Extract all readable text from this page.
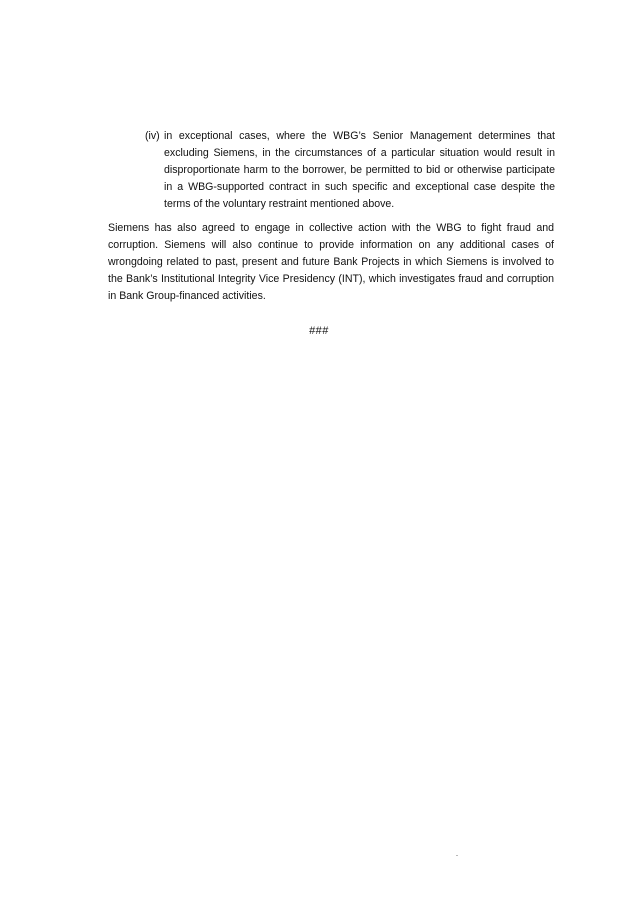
(iv) in exceptional cases, where the WBG’s Senior Management determines that excluding Siemens, in the circumstances of a particular situation would result in disproportionate harm to the borrower, be permitted to bid or otherwise participate in a WBG-supported contract in such specific and exceptional case despite the terms of the voluntary restraint mentioned above.
Siemens has also agreed to engage in collective action with the WBG to fight fraud and corruption. Siemens will also continue to provide information on any additional cases of wrongdoing related to past, present and future Bank Projects in which Siemens is involved to the Bank’s Institutional Integrity Vice Presidency (INT), which investigates fraud and corruption in Bank Group-financed activities.
###
